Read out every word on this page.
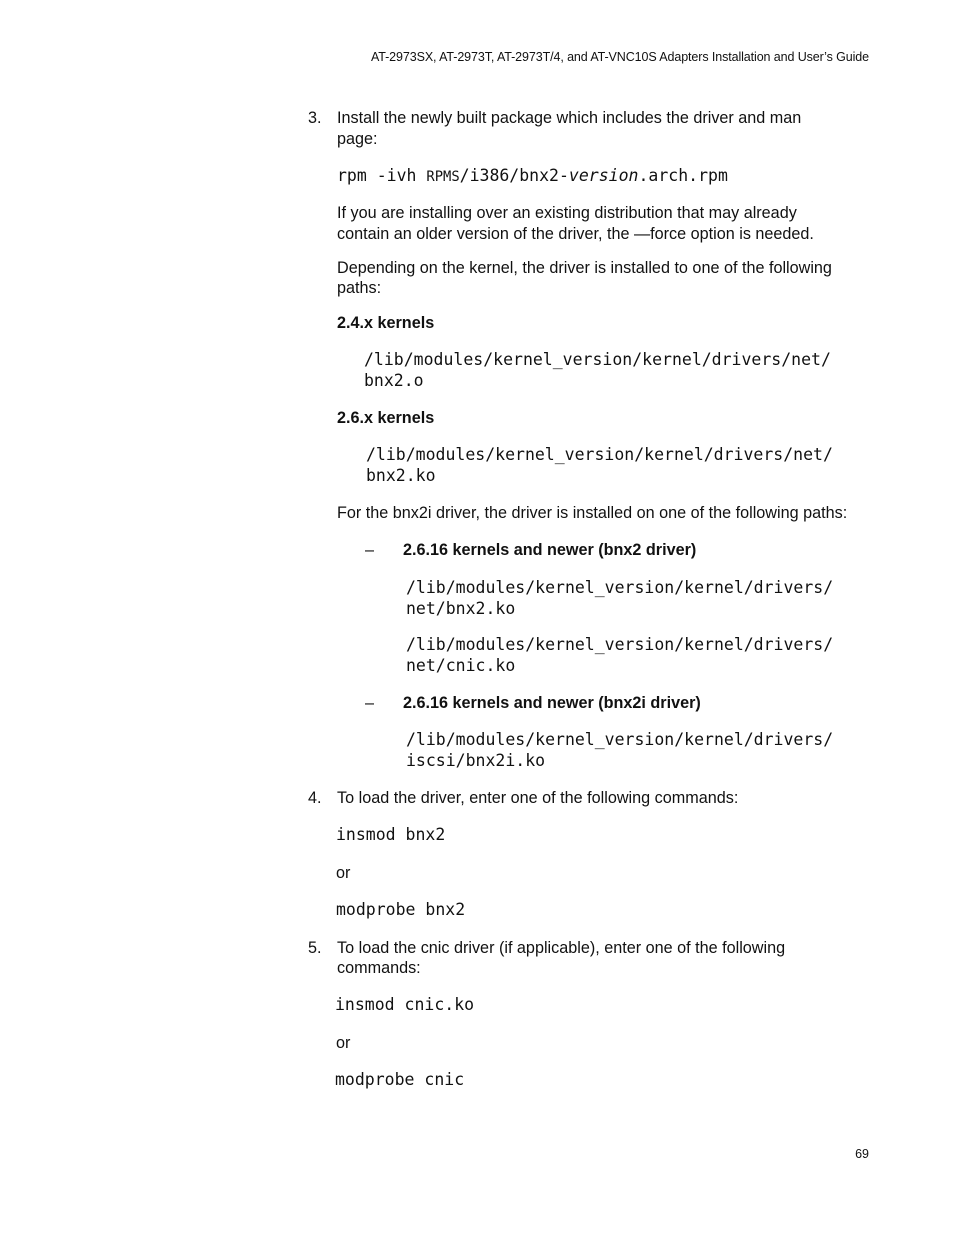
AT-2973SX, AT-2973T, AT-2973T/4, and AT-VNC10S Adapters Installation and User’s Guide
3. Install the newly built package which includes the driver and man
page:
rpm -ivh RPMS/i386/bnx2-version.arch.rpm
If you are installing over an existing distribution that may already
contain an older version of the driver, the —force option is needed.
Depending on the kernel, the driver is installed to one of the following
paths:
2.4.x kernels
/lib/modules/kernel_version/kernel/drivers/net/
bnx2.o
2.6.x kernels
/lib/modules/kernel_version/kernel/drivers/net/
bnx2.ko
For the bnx2i driver, the driver is installed on one of the following paths:
– 2.6.16 kernels and newer (bnx2 driver)
/lib/modules/kernel_version/kernel/drivers/
net/bnx2.ko
/lib/modules/kernel_version/kernel/drivers/
net/cnic.ko
– 2.6.16 kernels and newer (bnx2i driver)
/lib/modules/kernel_version/kernel/drivers/
iscsi/bnx2i.ko
4. To load the driver, enter one of the following commands:
insmod bnx2
or
modprobe bnx2
5. To load the cnic driver (if applicable), enter one of the following
commands:
insmod cnic.ko
or
modprobe cnic
69
